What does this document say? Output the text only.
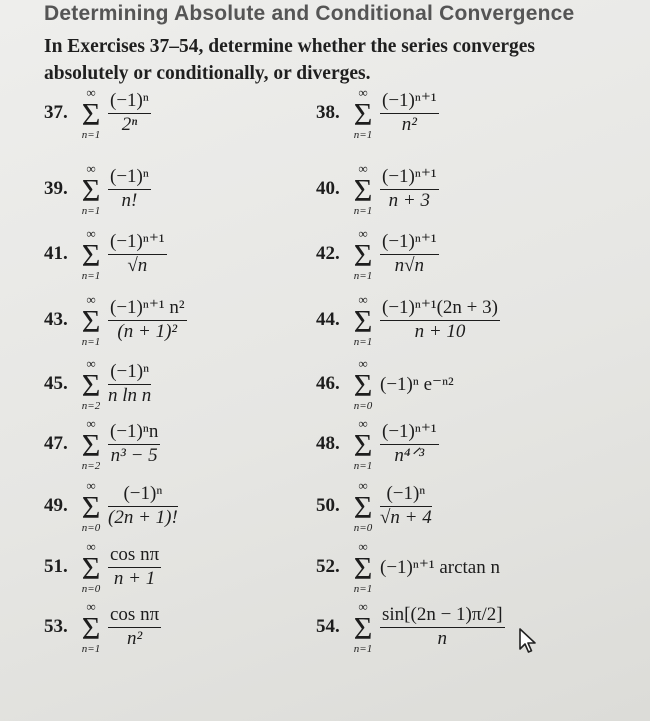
Determining Absolute and Conditional Convergence
In Exercises 37–54, determine whether the series converges absolutely or conditionally, or diverges.
37.
∞
Σ
$n=1 \frac{\text{(−1)ⁿ}}{\text{2ⁿ}}$	38.
∞
Σ
$n=1 \frac{\text{(−1)ⁿ⁺¹}}{\text{n²}}$
39.
∞
Σ
$n=1 \frac{\text{(−1)ⁿ}}{n!}$	40.
∞
Σ
$n=1 \frac{\text{(−1)ⁿ⁺¹}}{n + 3}$
41.
∞
Σ
$n=1 \frac{\text{(−1)ⁿ⁺¹}}{√n}$	42.
∞
Σ
$n=1 \frac{\text{(−1)ⁿ⁺¹}}{n√n}$
43.
∞
Σ
$n=1 \frac{\text{(−1)ⁿ⁺¹ n²}}{\text{(n + 1)²}}$	44.
∞
Σ
$n=1 \frac{\text{(−1)ⁿ⁺¹(2n + 3)}}{n + 10}$
45.
∞
Σ
$n=2 \frac{\text{(−1)ⁿ}}{\text{n ln n}}$	46.
∞
Σ
n=0
(−1)ⁿ e⁻ⁿ²
47.
∞
Σ
$n=2 \frac{\text{(−1)ⁿn}}{\text{n³ − 5}}$	48.
∞
Σ
n=1
(−1)ⁿ⁺¹
n⁴ᐟ³
49.
∞
Σ
$n=0 \frac{\text{(−1)ⁿ}}{(2n + 1)!}$	50.
∞
Σ
$n=0 \frac{\text{(−1)ⁿ}}{√n + 4}$
51.
∞
Σ
$n=0 \frac{\text{cos nπ}}{n + 1}$	52.
∞
Σ
n=1
(−1)ⁿ⁺¹ arctan n
53.
∞
Σ
$n=1 \frac{\text{cos nπ}}{\text{n²}}$	54.
∞
Σ
$n=1 \frac{\sin[(2n - 1)\pi/2]}{n}$
